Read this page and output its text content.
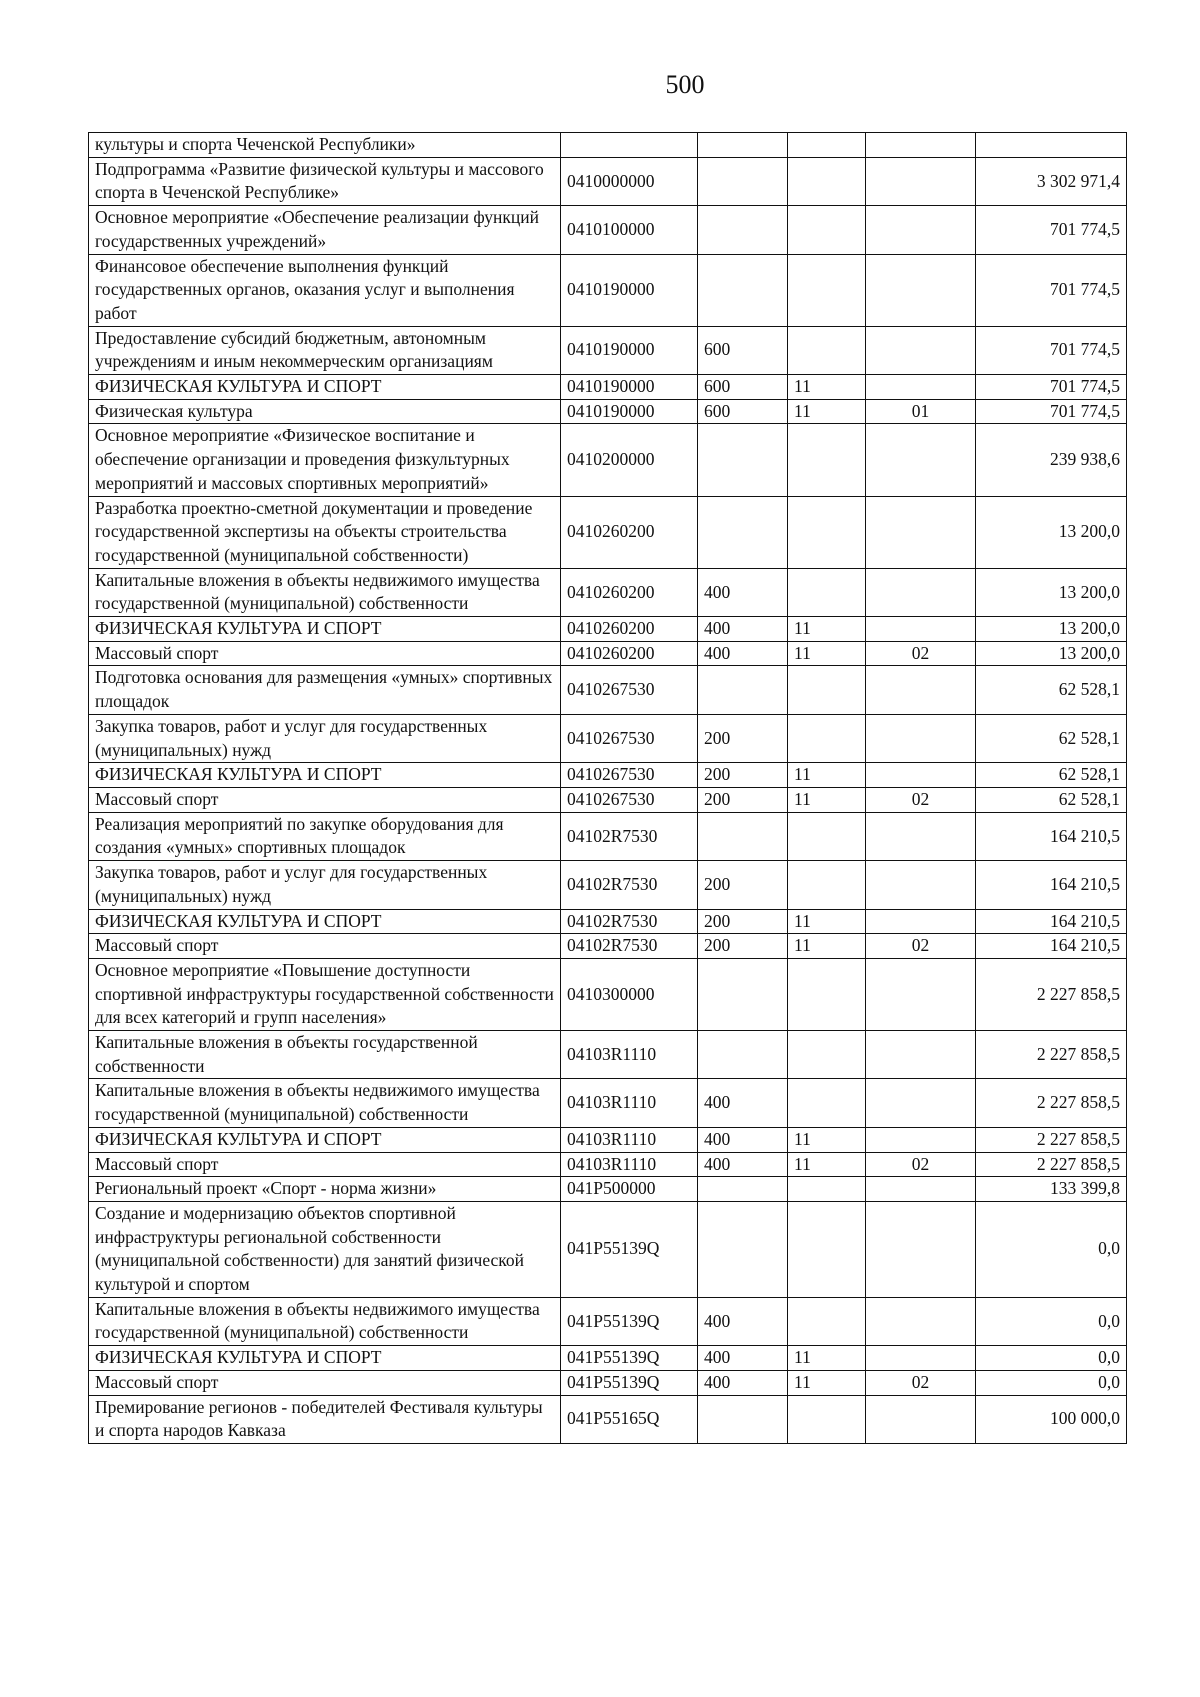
500
культуры и спорта Чеченской Республики»					
Подпрограмма «Развитие физической культуры и массового спорта в Чеченской Республике»	0410000000				3 302 971,4
Основное мероприятие «Обеспечение реализации функций государственных учреждений»	0410100000				701 774,5
Финансовое обеспечение выполнения функций государственных органов, оказания услуг и выполнения работ	0410190000				701 774,5
Предоставление субсидий бюджетным, автономным учреждениям и иным некоммерческим организациям	0410190000	600			701 774,5
ФИЗИЧЕСКАЯ КУЛЬТУРА И СПОРТ	0410190000	600	11		701 774,5
Физическая культура	0410190000	600	11	01	701 774,5
Основное мероприятие «Физическое воспитание и обеспечение организации и проведения физкультурных мероприятий и массовых спортивных мероприятий»	0410200000				239 938,6
Разработка проектно-сметной документации и проведение государственной экспертизы на объекты строительства государственной (муниципальной собственности)	0410260200				13 200,0
Капитальные вложения в объекты недвижимого имущества государственной (муниципальной) собственности	0410260200	400			13 200,0
ФИЗИЧЕСКАЯ КУЛЬТУРА И СПОРТ	0410260200	400	11		13 200,0
Массовый спорт	0410260200	400	11	02	13 200,0
Подготовка основания для размещения «умных» спортивных площадок	0410267530				62 528,1
Закупка товаров, работ и услуг для государственных (муниципальных) нужд	0410267530	200			62 528,1
ФИЗИЧЕСКАЯ КУЛЬТУРА И СПОРТ	0410267530	200	11		62 528,1
Массовый спорт	0410267530	200	11	02	62 528,1
Реализация мероприятий по закупке оборудования для создания «умных» спортивных площадок	04102R7530				164 210,5
Закупка товаров, работ и услуг для государственных (муниципальных) нужд	04102R7530	200			164 210,5
ФИЗИЧЕСКАЯ КУЛЬТУРА И СПОРТ	04102R7530	200	11		164 210,5
Массовый спорт	04102R7530	200	11	02	164 210,5
Основное мероприятие «Повышение доступности спортивной инфраструктуры государственной собственности для всех категорий и групп населения»	0410300000				2 227 858,5
Капитальные вложения в объекты государственной собственности	04103R1110				2 227 858,5
Капитальные вложения в объекты недвижимого имущества государственной (муниципальной) собственности	04103R1110	400			2 227 858,5
ФИЗИЧЕСКАЯ КУЛЬТУРА И СПОРТ	04103R1110	400	11		2 227 858,5
Массовый спорт	04103R1110	400	11	02	2 227 858,5
Региональный проект «Спорт - норма жизни»	041P500000				133 399,8
Создание и модернизацию объектов спортивной инфраструктуры региональной собственности (муниципальной собственности) для занятий физической культурой и спортом	041P55139Q				0,0
Капитальные вложения в объекты недвижимого имущества государственной (муниципальной) собственности	041P55139Q	400			0,0
ФИЗИЧЕСКАЯ КУЛЬТУРА И СПОРТ	041P55139Q	400	11		0,0
Массовый спорт	041P55139Q	400	11	02	0,0
Премирование регионов - победителей Фестиваля культуры и спорта народов Кавказа	041P55165Q				100 000,0
